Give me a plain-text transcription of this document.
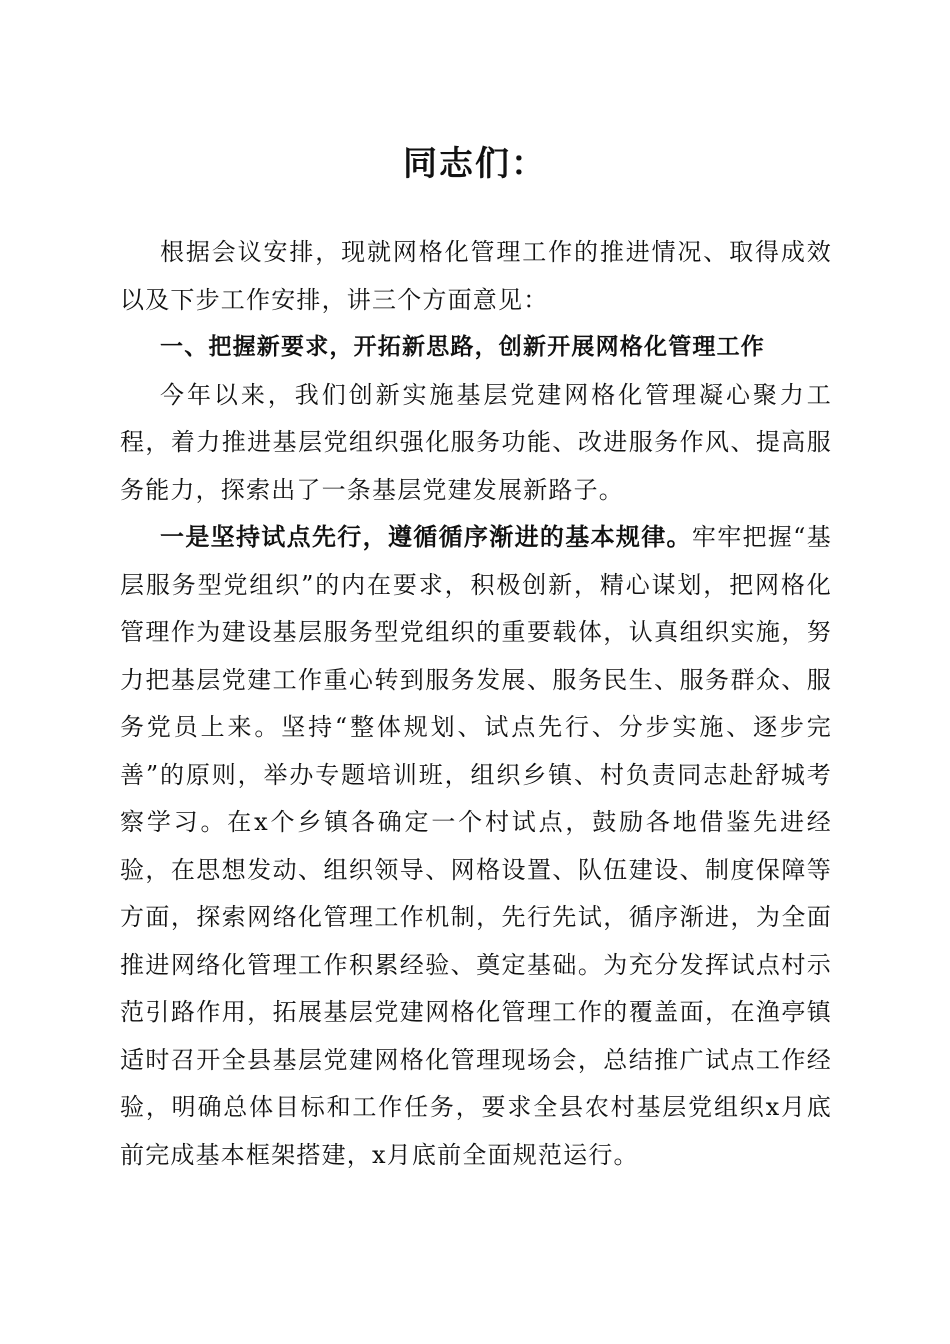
同志们：

根据会议安排，现就网格化管理工作的推进情况、取得成效以及下步工作安排，讲三个方面意见：

一、把握新要求，开拓新思路，创新开展网格化管理工作

今年以来，我们创新实施基层党建网格化管理凝心聚力工程，着力推进基层党组织强化服务功能、改进服务作风、提高服务能力，探索出了一条基层党建发展新路子。

一是坚持试点先行，遵循循序渐进的基本规律。牢牢把握“基层服务型党组织”的内在要求，积极创新，精心谋划，把网格化管理作为建设基层服务型党组织的重要载体，认真组织实施，努力把基层党建工作重心转到服务发展、服务民生、服务群众、服务党员上来。坚持“整体规划、试点先行、分步实施、逐步完善”的原则，举办专题培训班，组织乡镇、村负责同志赴舒城考察学习。在x个乡镇各确定一个村试点，鼓励各地借鉴先进经验，在思想发动、组织领导、网格设置、队伍建设、制度保障等方面，探索网络化管理工作机制，先行先试，循序渐进，为全面推进网络化管理工作积累经验、奠定基础。为充分发挥试点村示范引路作用，拓展基层党建网格化管理工作的覆盖面，在渔亭镇适时召开全县基层党建网格化管理现场会，总结推广试点工作经验，明确总体目标和工作任务，要求全县农村基层党组织x月底前完成基本框架搭建，x月底前全面规范运行。
